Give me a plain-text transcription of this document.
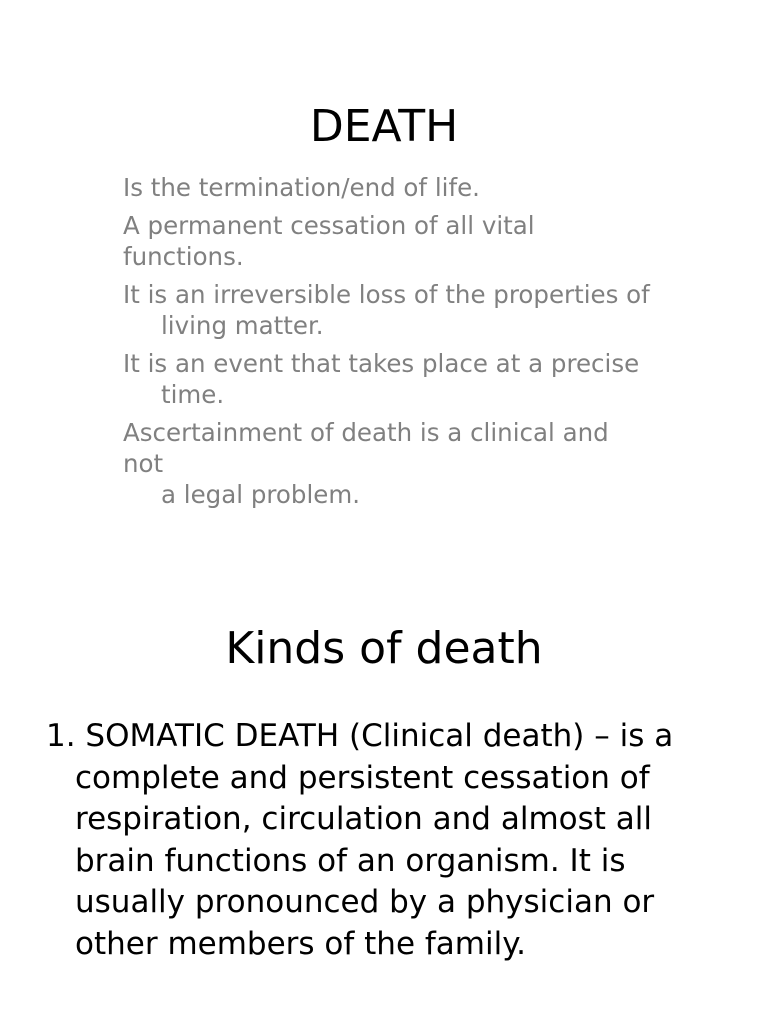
DEATH
Is the termination/end of life.
A permanent cessation of all vital functions.
It is an irreversible loss of the properties of
living matter.
It is an event that takes place at a precise
time.
Ascertainment of death is a clinical and not
a legal problem.
Kinds of death
1. SOMATIC DEATH (Clinical death) – is a complete and persistent cessation of respiration, circulation and almost all brain functions of an organism. It is usually pronounced by a physician or other members of the family.
